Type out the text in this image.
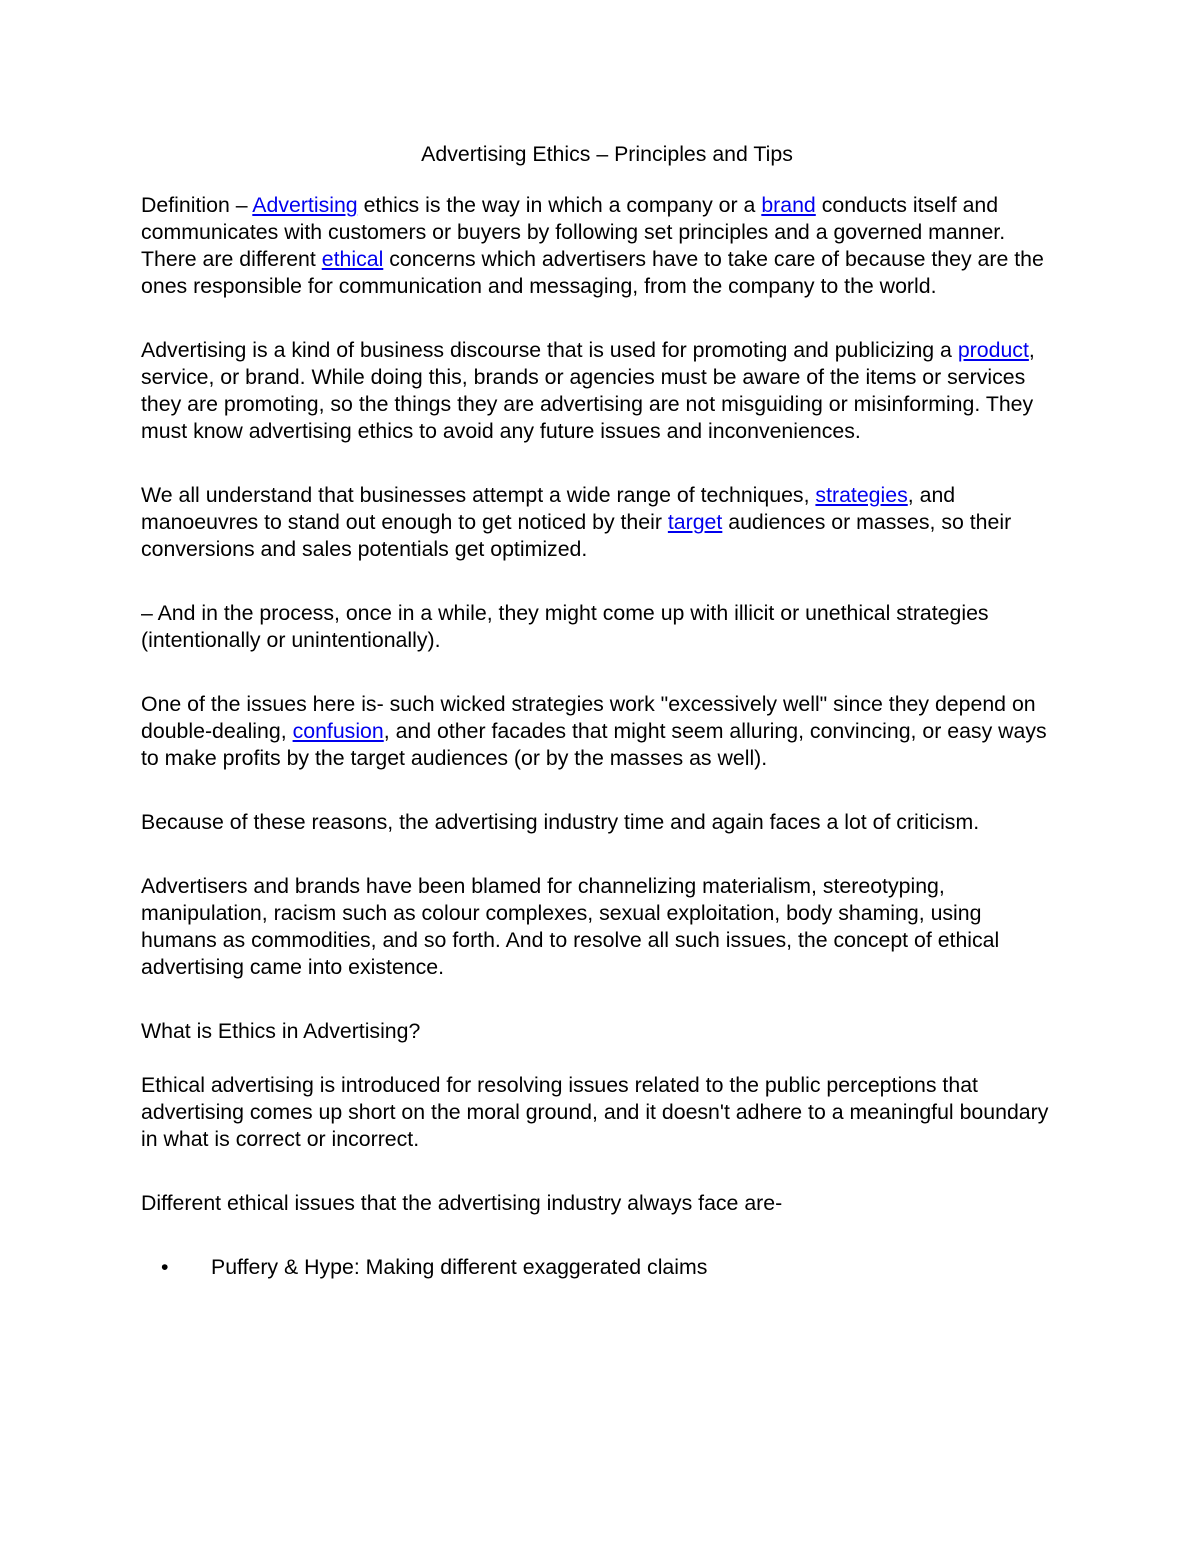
Advertising Ethics – Principles and Tips

Definition – Advertising ethics is the way in which a company or a brand conducts itself and communicates with customers or buyers by following set principles and a governed manner. There are different ethical concerns which advertisers have to take care of because they are the ones responsible for communication and messaging, from the company to the world.

Advertising is a kind of business discourse that is used for promoting and publicizing a product, service, or brand. While doing this, brands or agencies must be aware of the items or services they are promoting, so the things they are advertising are not misguiding or misinforming. They must know advertising ethics to avoid any future issues and inconveniences.

We all understand that businesses attempt a wide range of techniques, strategies, and manoeuvres to stand out enough to get noticed by their target audiences or masses, so their conversions and sales potentials get optimized.

– And in the process, once in a while, they might come up with illicit or unethical strategies (intentionally or unintentionally).

One of the issues here is- such wicked strategies work "excessively well" since they depend on double-dealing, confusion, and other facades that might seem alluring, convincing, or easy ways to make profits by the target audiences (or by the masses as well).

Because of these reasons, the advertising industry time and again faces a lot of criticism.

Advertisers and brands have been blamed for channelizing materialism, stereotyping, manipulation, racism such as colour complexes, sexual exploitation, body shaming, using humans as commodities, and so forth. And to resolve all such issues, the concept of ethical advertising came into existence.

What is Ethics in Advertising?

Ethical advertising is introduced for resolving issues related to the public perceptions that advertising comes up short on the moral ground, and it doesn't adhere to a meaningful boundary in what is correct or incorrect.

Different ethical issues that the advertising industry always face are-

• Puffery & Hype: Making different exaggerated claims
